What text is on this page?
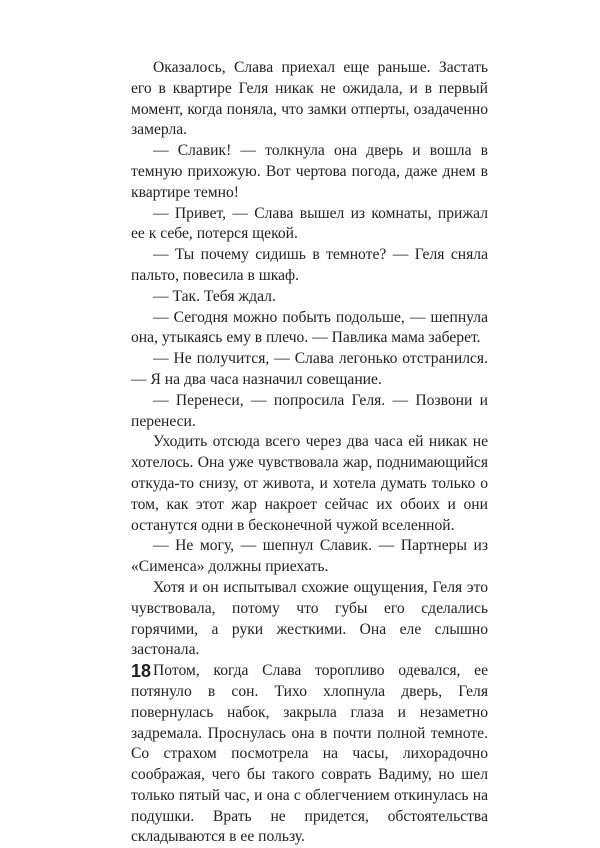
Оказалось, Слава приехал еще раньше. Застать его в квартире Геля никак не ожидала, и в первый момент, когда поняла, что замки отперты, озадаченно замерла.

— Славик! — толкнула она дверь и вошла в темную прихожую. Вот чертова погода, даже днем в квартире темно!

— Привет, — Слава вышел из комнаты, прижал ее к себе, потерся щекой.

— Ты почему сидишь в темноте? — Геля сняла пальто, повесила в шкаф.

— Так. Тебя ждал.

— Сегодня можно побыть подольше, — шепнула она, утыкаясь ему в плечо. — Павлика мама заберет.

— Не получится, — Слава легонько отстранился. — Я на два часа назначил совещание.

— Перенеси, — попросила Геля. — Позвони и перенеси.

Уходить отсюда всего через два часа ей никак не хотелось. Она уже чувствовала жар, поднимающийся откуда-то снизу, от живота, и хотела думать только о том, как этот жар накроет сейчас их обоих и они останутся одни в бесконечной чужой вселенной.

— Не могу, — шепнул Славик. — Партнеры из «Сименса» должны приехать.

Хотя и он испытывал схожие ощущения, Геля это чувствовала, потому что губы его сделались горячими, а руки жесткими. Она еле слышно застонала.

Потом, когда Слава торопливо одевался, ее потянуло в сон. Тихо хлопнула дверь, Геля повернулась набок, закрыла глаза и незаметно задремала. Проснулась она в почти полной темноте. Со страхом посмотрела на часы, лихорадочно соображая, чего бы такого соврать Вадиму, но шел только пятый час, и она с облегчением откинулась на подушки. Врать не придется, обстоятельства складываются в ее пользу.

18
